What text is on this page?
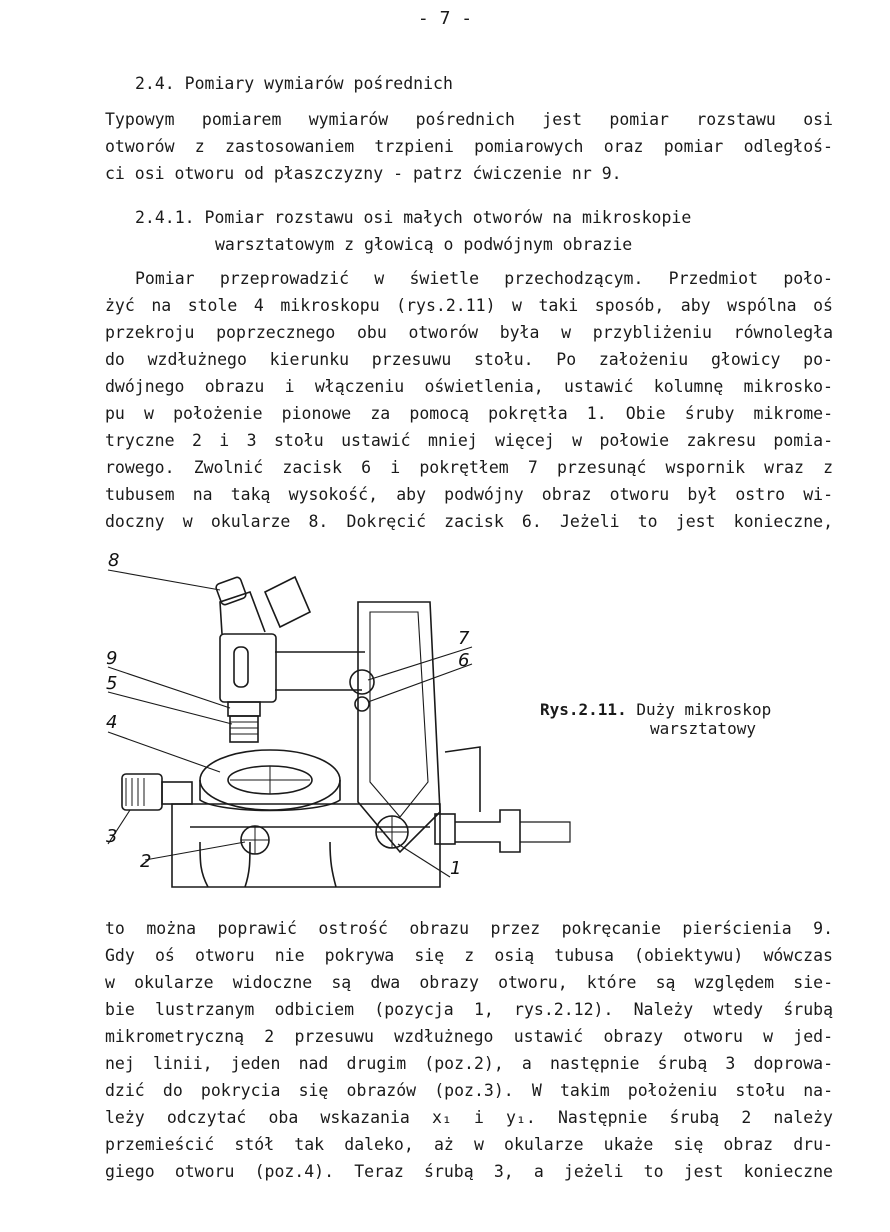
- 7 -
2.4. Pomiary wymiarów pośrednich
Typowym pomiarem wymiarów pośrednich jest pomiar rozstawu osi
otworów z zastosowaniem trzpieni pomiarowych oraz pomiar odległoś-
ci osi otworu od płaszczyzny - patrz ćwiczenie nr 9.
2.4.1. Pomiar rozstawu osi małych otworów na mikroskopie
warsztatowym z głowicą o podwójnym obrazie
Pomiar przeprowadzić w świetle przechodzącym. Przedmiot poło-
żyć na stole 4 mikroskopu (rys.2.11) w taki sposób, aby wspólna oś
przekroju poprzecznego obu otworów była w przybliżeniu równoległa
do wzdłużnego kierunku przesuwu stołu. Po założeniu głowicy po-
dwójnego obrazu i włączeniu oświetlenia, ustawić kolumnę mikrosko-
pu w położenie pionowe za pomocą pokrętła 1. Obie śruby mikrome-
tryczne 2 i 3 stołu ustawić mniej więcej w połowie zakresu pomia-
rowego. Zwolnić zacisk 6 i pokrętłem 7 przesunąć wspornik wraz z
tubusem na taką wysokość, aby podwójny obraz otworu był ostro wi-
doczny w okularze 8. Dokręcić zacisk 6. Jeżeli to jest konieczne,
8
9
5
4
3
2
7
6
1
Rys.2.11. Duży mikroskop
warsztatowy
to można poprawić ostrość obrazu przez pokręcanie pierścienia 9.
Gdy oś otworu nie pokrywa się z osią tubusa (obiektywu) wówczas
w okularze widoczne są dwa obrazy otworu, które są względem sie-
bie lustrzanym odbiciem (pozycja 1, rys.2.12). Należy wtedy śrubą
mikrometryczną 2 przesuwu wzdłużnego ustawić obrazy otworu w jed-
nej linii, jeden nad drugim (poz.2), a następnie śrubą 3 doprowa-
dzić do pokrycia się obrazów (poz.3). W takim położeniu stołu na-
leży odczytać oba wskazania x₁ i y₁. Następnie śrubą 2 należy
przemieścić stół tak daleko, aż w okularze ukaże się obraz dru-
giego otworu (poz.4). Teraz śrubą 3, a jeżeli to jest konieczne
